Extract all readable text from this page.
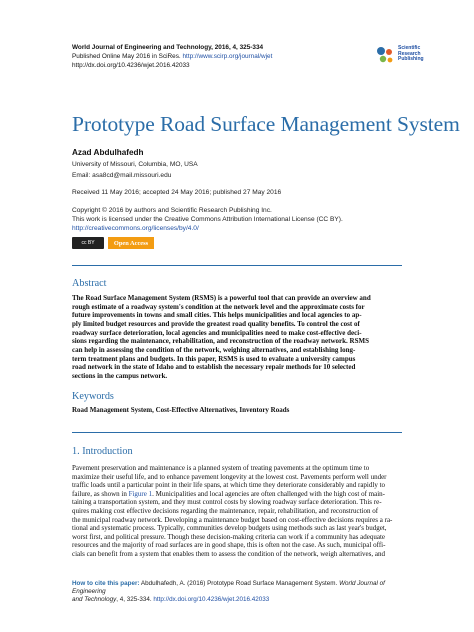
World Journal of Engineering and Technology, 2016, 4, 325-334
Published Online May 2016 in SciRes. http://www.scirp.org/journal/wjet
http://dx.doi.org/10.4236/wjet.2016.42033
Scientific
Research
Publishing
Prototype Road Surface Management System
Azad Abdulhafedh
University of Missouri, Columbia, MO, USA
Email: asa8cd@mail.missouri.edu
Received 11 May 2016; accepted 24 May 2016; published 27 May 2016
Copyright © 2016 by authors and Scientific Research Publishing Inc.
This work is licensed under the Creative Commons Attribution International License (CC BY).
http://creativecommons.org/licenses/by/4.0/
cc BY	Open Access
Abstract
The Road Surface Management System (RSMS) is a powerful tool that can provide an overview and
rough estimate of a roadway system's condition at the network level and the approximate costs for
future improvements in towns and small cities. This helps municipalities and local agencies to ap-
ply limited budget resources and provide the greatest road quality benefits. To control the cost of
roadway surface deterioration, local agencies and municipalities need to make cost-effective deci-
sions regarding the maintenance, rehabilitation, and reconstruction of the roadway network. RSMS
can help in assessing the condition of the network, weighing alternatives, and establishing long-
term treatment plans and budgets. In this paper, RSMS is used to evaluate a university campus
road network in the state of Idaho and to establish the necessary repair methods for 10 selected
sections in the campus network.
Keywords
Road Management System, Cost-Effective Alternatives, Inventory Roads
1. Introduction
Pavement preservation and maintenance is a planned system of treating pavements at the optimum time to
maximize their useful life, and to enhance pavement longevity at the lowest cost. Pavements perform well under
traffic loads until a particular point in their life spans, at which time they deteriorate considerably and rapidly to
failure, as shown in Figure 1. Municipalities and local agencies are often challenged with the high cost of main-
taining a transportation system, and they must control costs by slowing roadway surface deterioration. This re-
quires making cost effective decisions regarding the maintenance, repair, rehabilitation, and reconstruction of
the municipal roadway network. Developing a maintenance budget based on cost-effective decisions requires a ra-
tional and systematic process. Typically, communities develop budgets using methods such as last year's budget,
worst first, and political pressure. Though these decision-making criteria can work if a community has adequate
resources and the majority of road surfaces are in good shape, this is often not the case. As such, municipal offi-
cials can benefit from a system that enables them to assess the condition of the network, weigh alternatives, and
How to cite this paper: Abdulhafedh, A. (2016) Prototype Road Surface Management System. World Journal of Engineering
and Technology, 4, 325-334. http://dx.doi.org/10.4236/wjet.2016.42033
